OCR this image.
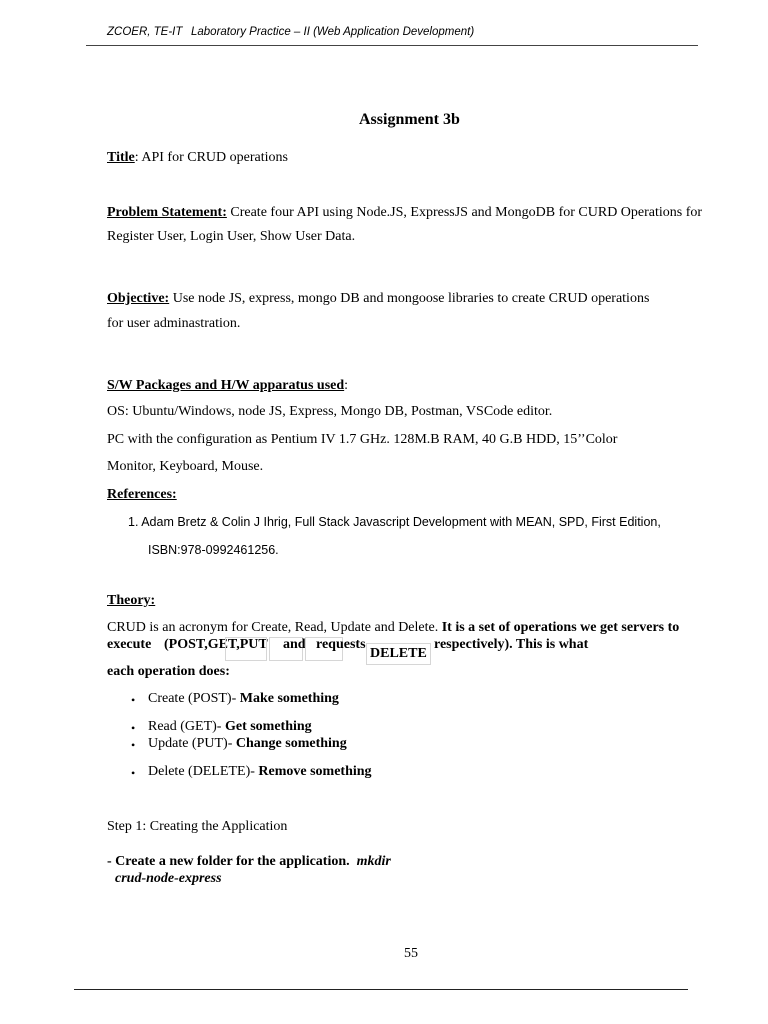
ZCOER, TE-IT Laboratory Practice – II (Web Application Development)
Assignment 3b
Title: API for CRUD operations
Problem Statement: Create four API using Node.JS, ExpressJS and MongoDB for CURD Operations for
Register User, Login User, Show User Data.
Objective: Use node JS, express, mongo DB and mongoose libraries to create CRUD operations
for user adminastration.
S/W Packages and H/W apparatus used:
OS: Ubuntu/Windows, node JS, Express, Mongo DB, Postman, VSCode editor.
PC with the configuration as Pentium IV 1.7 GHz. 128M.B RAM, 40 G.B HDD, 15’’Color
Monitor, Keyboard, Mouse.
References:
1. Adam Bretz & Colin J Ihrig, Full Stack Javascript Development with MEAN, SPD, First Edition,
ISBN:978-0992461256.
Theory:
CRUD is an acronym for Create, Read, Update and Delete. It is a set of operations we get servers to
execute (POST,GET,PUT and requests
DELETE
respectively). This is what
each operation does:
• Create (POST)- Make something
• Read (GET)- Get something
• Update (PUT)- Change something
• Delete (DELETE)- Remove something
Step 1: Creating the Application
- Create a new folder for the application. mkdir
crud-node-express
55
